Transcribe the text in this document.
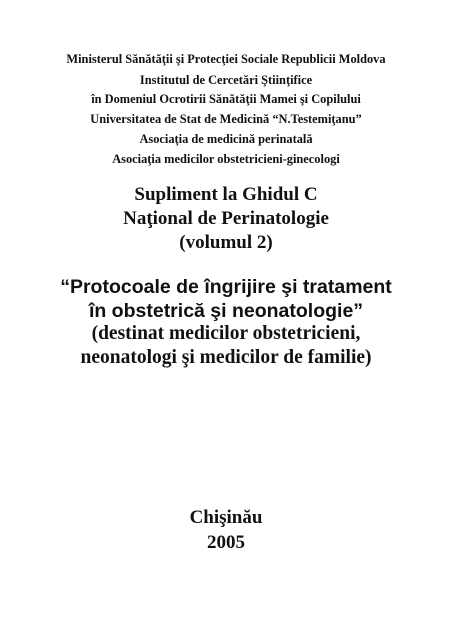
Ministerul Sănătăţii şi Protecţiei Sociale Republicii Moldova
Institutul de Cercetări Ştiinţifice
în Domeniul Ocrotirii Sănătăţii Mamei şi Copilului
Universitatea de Stat de Medicină “N.Testemiţanu”
Asociaţia de medicină perinatală
Asociaţia medicilor obstetricieni-ginecologi
Supliment la Ghidul C
Naţional de Perinatologie
(volumul 2)
“Protocoale de îngrijire şi tratament
în obstetrică şi neonatologie”
(destinat medicilor obstetricieni,
neonatologi şi medicilor de familie)
Chişinău
2005
